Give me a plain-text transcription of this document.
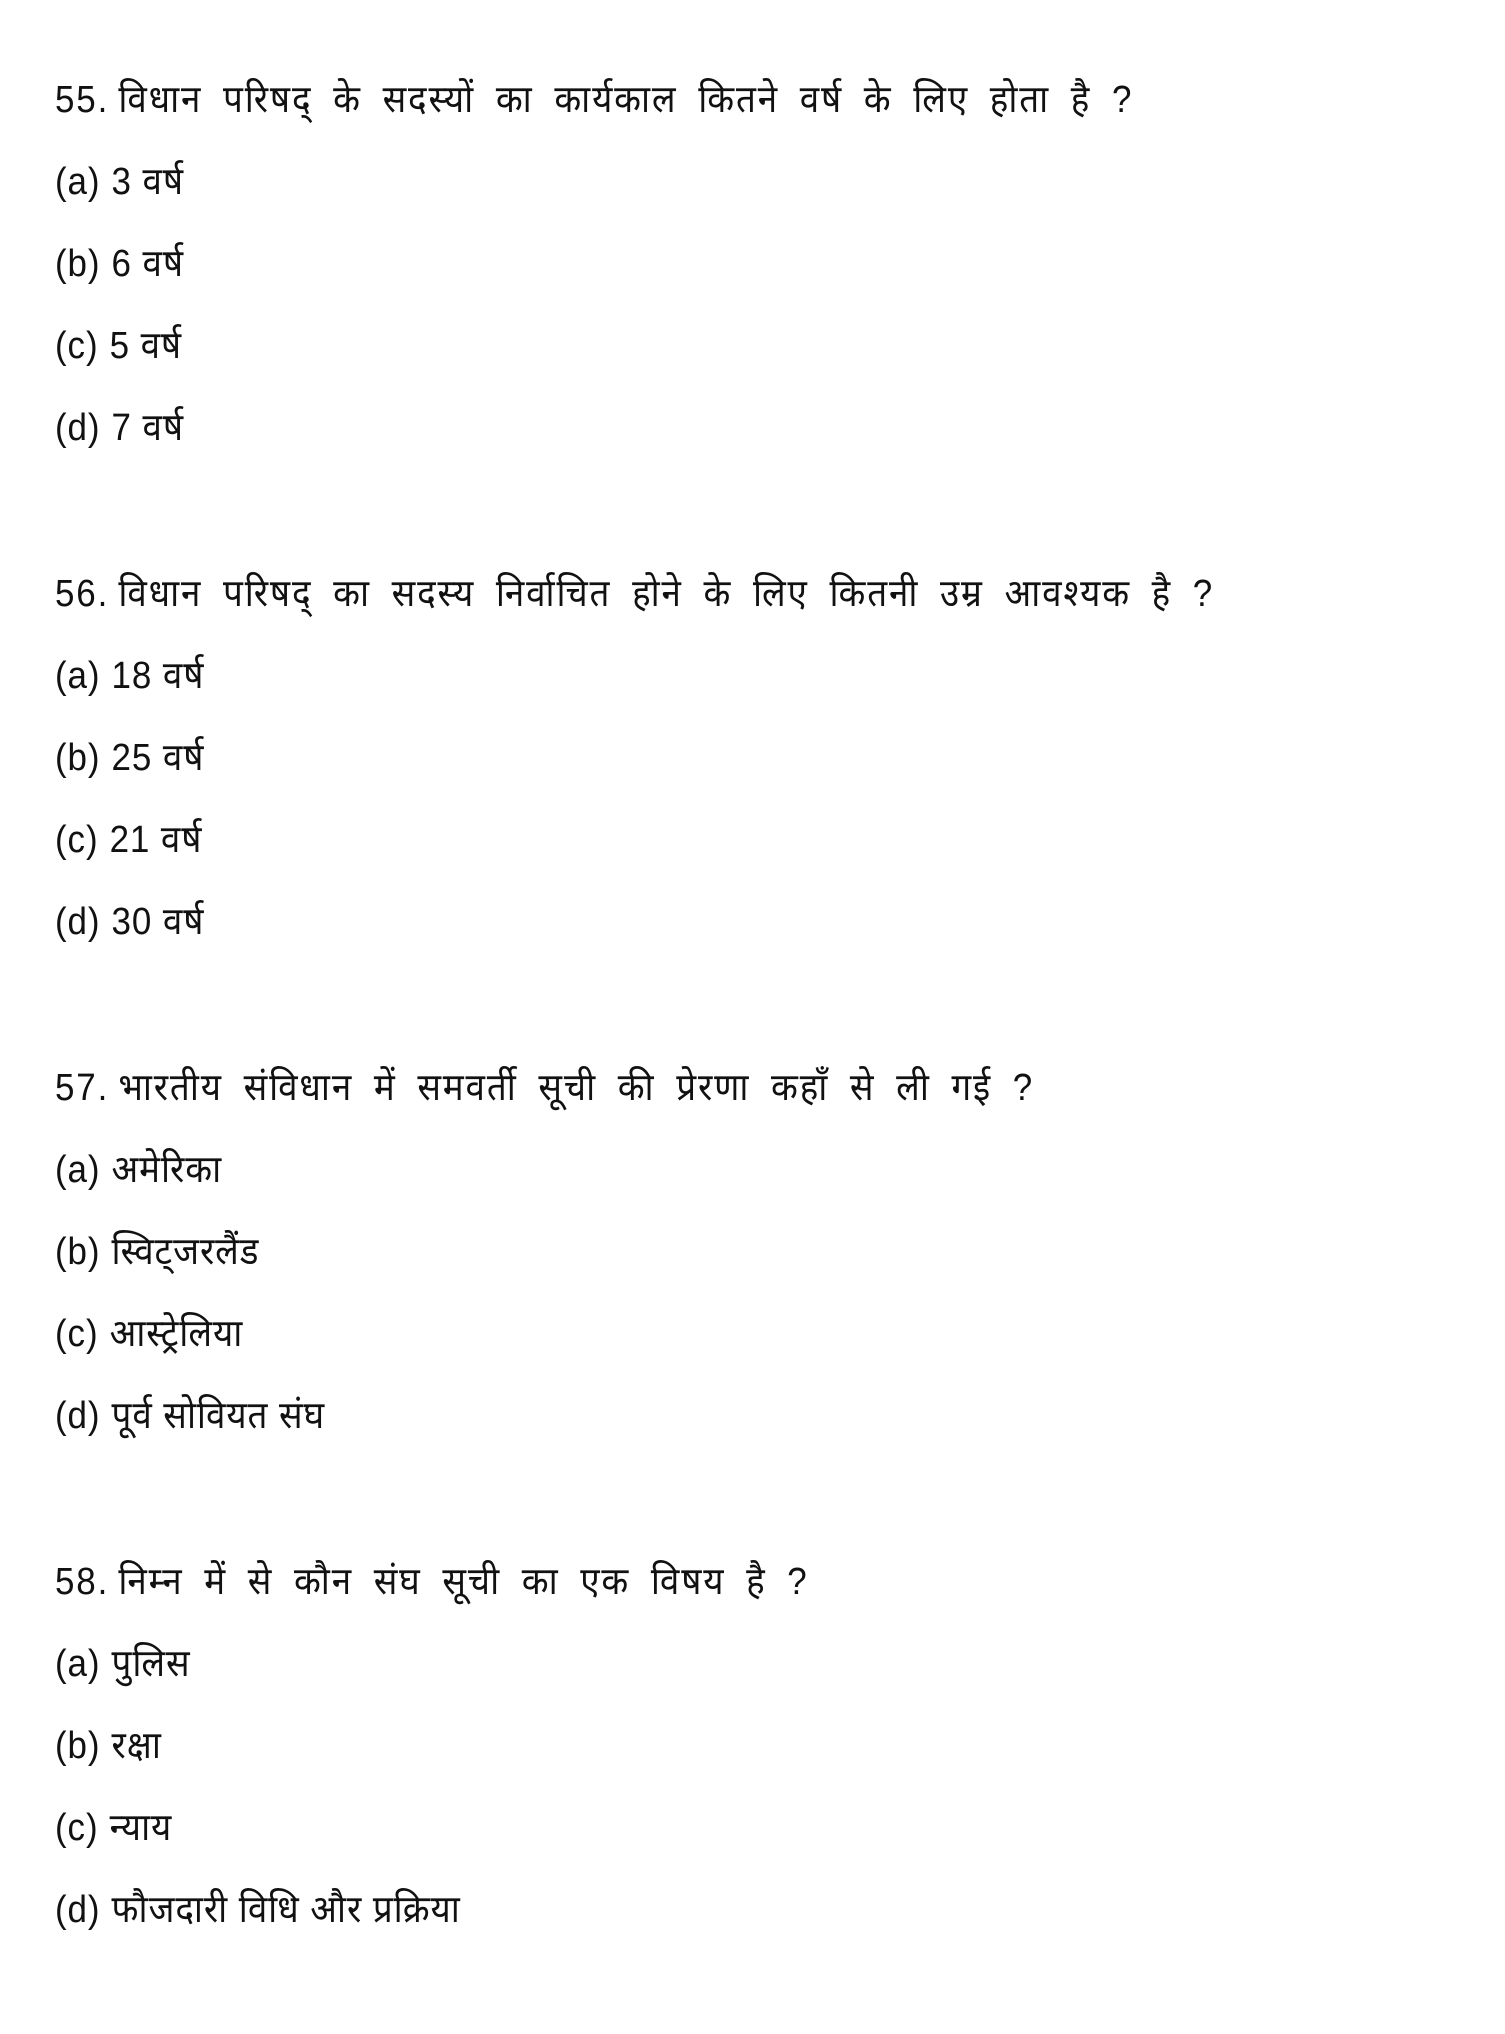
55. विधान परिषद् के सदस्यों का कार्यकाल कितने वर्ष के लिए होता है ?
(a) 3 वर्ष
(b) 6 वर्ष
(c) 5 वर्ष
(d) 7 वर्ष
56. विधान परिषद् का सदस्य निर्वाचित होने के लिए कितनी उम्र आवश्यक है ?
(a) 18 वर्ष
(b) 25 वर्ष
(c) 21 वर्ष
(d) 30 वर्ष
57. भारतीय संविधान में समवर्ती सूची की प्रेरणा कहाँ से ली गई ?
(a) अमेरिका
(b) स्विट्जरलैंड
(c) आस्ट्रेलिया
(d) पूर्व सोवियत संघ
58. निम्न में से कौन संघ सूची का एक विषय है ?
(a) पुलिस
(b) रक्षा
(c) न्याय
(d) फौजदारी विधि और प्रक्रिया
